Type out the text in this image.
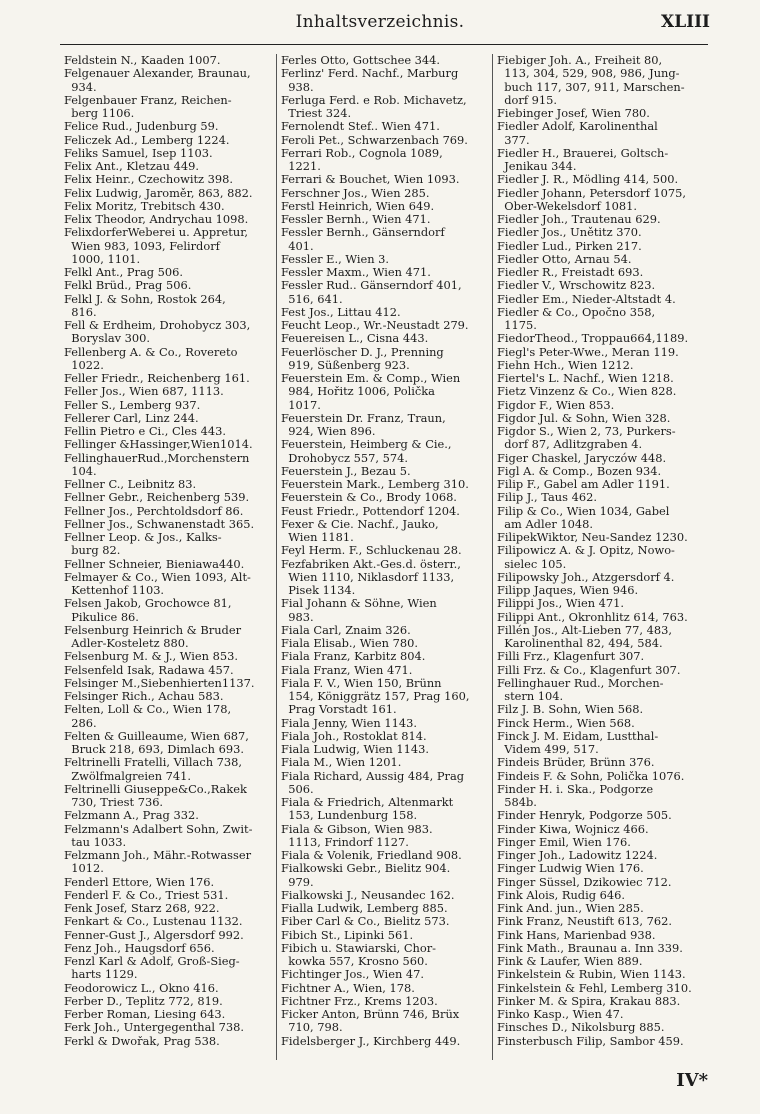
Inhaltsverzeichnis.	XLIII
Feldstein N., Kaaden 1007.
Felgenauer Alexander, Braunau,
934.
Felgenbauer Franz, Reichen-
berg 1106.
Felice Rud., Judenburg 59.
Feliczek Ad., Lemberg 1224.
Feliks Samuel, Isep 1103.
Felix Ant., Kletzau 449.
Felix Heinr., Czechowitz 398.
Felix Ludwig, Jaroměr, 863, 882.
Felix Moritz, Trebitsch 430.
Felix Theodor, Andrychau 1098.
FelixdorferWeberei u. Appretur,
Wien 983, 1093, Felirdorf
1000, 1101.
Felkl Ant., Prag 506.
Felkl Brüd., Prag 506.
Felkl J. & Sohn, Rostok 264,
816.
Fell & Erdheim, Drohobycz 303,
Boryslav 300.
Fellenberg A. & Co., Rovereto
1022.
Feller Friedr., Reichenberg 161.
Feller Jos., Wien 687, 1113.
Feller S., Lemberg 937.
Fellerer Carl, Linz 244.
Fellin Pietro e Ci., Cles 443.
Fellinger &Hassinger,Wien1014.
FellinghauerRud.,Morchenstern
104.
Fellner C., Leibnitz 83.
Fellner Gebr., Reichenberg 539.
Fellner Jos., Perchtoldsdorf 86.
Fellner Jos., Schwanenstadt 365.
Fellner Leop. & Jos., Kalks-
burg 82.
Fellner Schneier, Bieniawa440.
Felmayer & Co., Wien 1093, Alt-
Kettenhof 1103.
Felsen Jakob, Grochowce 81,
Pikulice 86.
Felsenburg Heinrich & Bruder
Adler-Kosteletz 880.
Felsenburg M. & J., Wien 853.
Felsenfeld Isak, Radawa 457.
Felsinger M.,Siebenhierten1137.
Felsinger Rich., Achau 583.
Felten, Loll & Co., Wien 178,
286.
Felten & Guilleaume, Wien 687,
Bruck 218, 693, Dimlach 693.
Feltrinelli Fratelli, Villach 738,
Zwölfmalgreien 741.
Feltrinelli Giuseppe&Co.,Rakek
730, Triest 736.
Felzmann A., Prag 332.
Felzmann's Adalbert Sohn, Zwit-
tau 1033.
Felzmann Joh., Mähr.-Rotwasser
1012.
Fenderl Ettore, Wien 176.
Fenderl F. & Co., Triest 531.
Fenk Josef, Starz 268, 922.
Fenkart & Co., Lustenau 1132.
Fenner-Gust J., Algersdorf 992.
Fenz Joh., Haugsdorf 656.
Fenzl Karl & Adolf, Groß-Sieg-
harts 1129.
Feodorowicz L., Okno 416.
Ferber D., Teplitz 772, 819.
Ferber Roman, Liesing 643.
Ferk Joh., Untergegenthal 738.
Ferkl & Dwořak, Prag 538.
Ferles Otto, Gottschee 344.
Ferlinz' Ferd. Nachf., Marburg
938.
Ferluga Ferd. e Rob. Michavetz,
Triest 324.
Fernolendt Stef.. Wien 471.
Feroli Pet., Schwarzenbach 769.
Ferrari Rob., Cognola 1089,
1221.
Ferrari & Bouchet, Wien 1093.
Ferschner Jos., Wien 285.
Ferstl Heinrich, Wien 649.
Fessler Bernh., Wien 471.
Fessler Bernh., Gänserndorf
401.
Fessler E., Wien 3.
Fessler Maxm., Wien 471.
Fessler Rud.. Gänserndorf 401,
516, 641.
Fest Jos., Littau 412.
Feucht Leop., Wr.-Neustadt 279.
Feuereisen L., Cisna 443.
Feuerlöscher D. J., Prenning
919, Süßenberg 923.
Feuerstein Em. & Comp., Wien
984, Hořitz 1006, Polička
1017.
Feuerstein Dr. Franz, Traun,
924, Wien 896.
Feuerstein, Heimberg & Cie.,
Drohobycz 557, 574.
Feuerstein J., Bezau 5.
Feuerstein Mark., Lemberg 310.
Feuerstein & Co., Brody 1068.
Feust Friedr., Pottendorf 1204.
Fexer & Cie. Nachf., Jauko,
Wien 1181.
Feyl Herm. F., Schluckenau 28.
Fezfabriken Akt.-Ges.d. österr.,
Wien 1110, Niklasdorf 1133,
Pisek 1134.
Fial Johann & Söhne, Wien
983.
Fiala Carl, Znaim 326.
Fiala Elisab., Wien 780.
Fiala Franz, Karbitz 804.
Fiala Franz, Wien 471.
Fiala F. V., Wien 150, Brünn
154, Königgrätz 157, Prag 160,
Prag Vorstadt 161.
Fiala Jenny, Wien 1143.
Fiala Joh., Rostoklat 814.
Fiala Ludwig, Wien 1143.
Fiala M., Wien 1201.
Fiala Richard, Aussig 484, Prag
506.
Fiala & Friedrich, Altenmarkt
153, Lundenburg 158.
Fiala & Gibson, Wien 983.
1113, Frindorf 1127.
Fiala & Volenik, Friedland 908.
Fialkowski Gebr., Bielitz 904.
979.
Fialkowski J., Neusandec 162.
Fialla Ludwik, Lemberg 885.
Fiber Carl & Co., Bielitz 573.
Fibich St., Lipinki 561.
Fibich u. Stawiarski, Chor-
kowka 557, Krosno 560.
Fichtinger Jos., Wien 47.
Fichtner A., Wien, 178.
Fichtner Frz., Krems 1203.
Ficker Anton, Brünn 746, Brüx
710, 798.
Fidelsberger J., Kirchberg 449.
Fiebiger Joh. A., Freiheit 80,
113, 304, 529, 908, 986, Jung-
buch 117, 307, 911, Marschen-
dorf 915.
Fiebinger Josef, Wien 780.
Fiedler Adolf, Karolinenthal
377.
Fiedler H., Brauerei, Goltsch-
Jenikau 344.
Fiedler J. R., Mödling 414, 500.
Fiedler Johann, Petersdorf 1075,
Ober-Wekelsdorf 1081.
Fiedler Joh., Trautenau 629.
Fiedler Jos., Unětitz 370.
Fiedler Lud., Pirken 217.
Fiedler Otto, Arnau 54.
Fiedler R., Freistadt 693.
Fiedler V., Wrschowitz 823.
Fiedler Em., Nieder-Altstadt 4.
Fiedler & Co., Opočno 358,
1175.
FiedorTheod., Troppau664,1189.
Fiegl's Peter-Wwe., Meran 119.
Fiehn Hch., Wien 1212.
Fiertel's L. Nachf., Wien 1218.
Fietz Vinzenz & Co., Wien 828.
Figdor F., Wien 853.
Figdor Jul. & Sohn, Wien 328.
Figdor S., Wien 2, 73, Purkers-
dorf 87, Adlitzgraben 4.
Figer Chaskel, Jaryczów 448.
Figl A. & Comp., Bozen 934.
Filip F., Gabel am Adler 1191.
Filip J., Taus 462.
Filip & Co., Wien 1034, Gabel
am Adler 1048.
FilipekWiktor, Neu-Sandez 1230.
Filipowicz A. & J. Opitz, Nowo-
sielec 105.
Filipowsky Joh., Atzgersdorf 4.
Filipp Jaques, Wien 946.
Filippi Jos., Wien 471.
Filippi Ant., Okronhlitz 614, 763.
Fillén Jos., Alt-Lieben 77, 483,
Karolinenthal 82, 494, 584.
Filli Frz., Klagenfurt 307.
Filli Frz. & Co., Klagenfurt 307.
Fellinghauer Rud., Morchen-
stern 104.
Filz J. B. Sohn, Wien 568.
Finck Herm., Wien 568.
Finck J. M. Eidam, Lustthal-
Videm 499, 517.
Findeis Brüder, Brünn 376.
Findeis F. & Sohn, Polička 1076.
Finder H. i. Ska., Podgorze
584b.
Finder Henryk, Podgorze 505.
Finder Kiwa, Wojnicz 466.
Finger Emil, Wien 176.
Finger Joh., Ladowitz 1224.
Finger Ludwig Wien 176.
Finger Süssel, Dzikowiec 712.
Fink Alois, Rudig 646.
Fink And. jun., Wien 285.
Fink Franz, Neustift 613, 762.
Fink Hans, Marienbad 938.
Fink Math., Braunau a. Inn 339.
Fink & Laufer, Wien 889.
Finkelstein & Rubin, Wien 1143.
Finkelstein & Fehl, Lemberg 310.
Finker M. & Spira, Krakau 883.
Finko Kasp., Wien 47.
Finsches D., Nikolsburg 885.
Finsterbusch Filip, Sambor 459.
IV*
